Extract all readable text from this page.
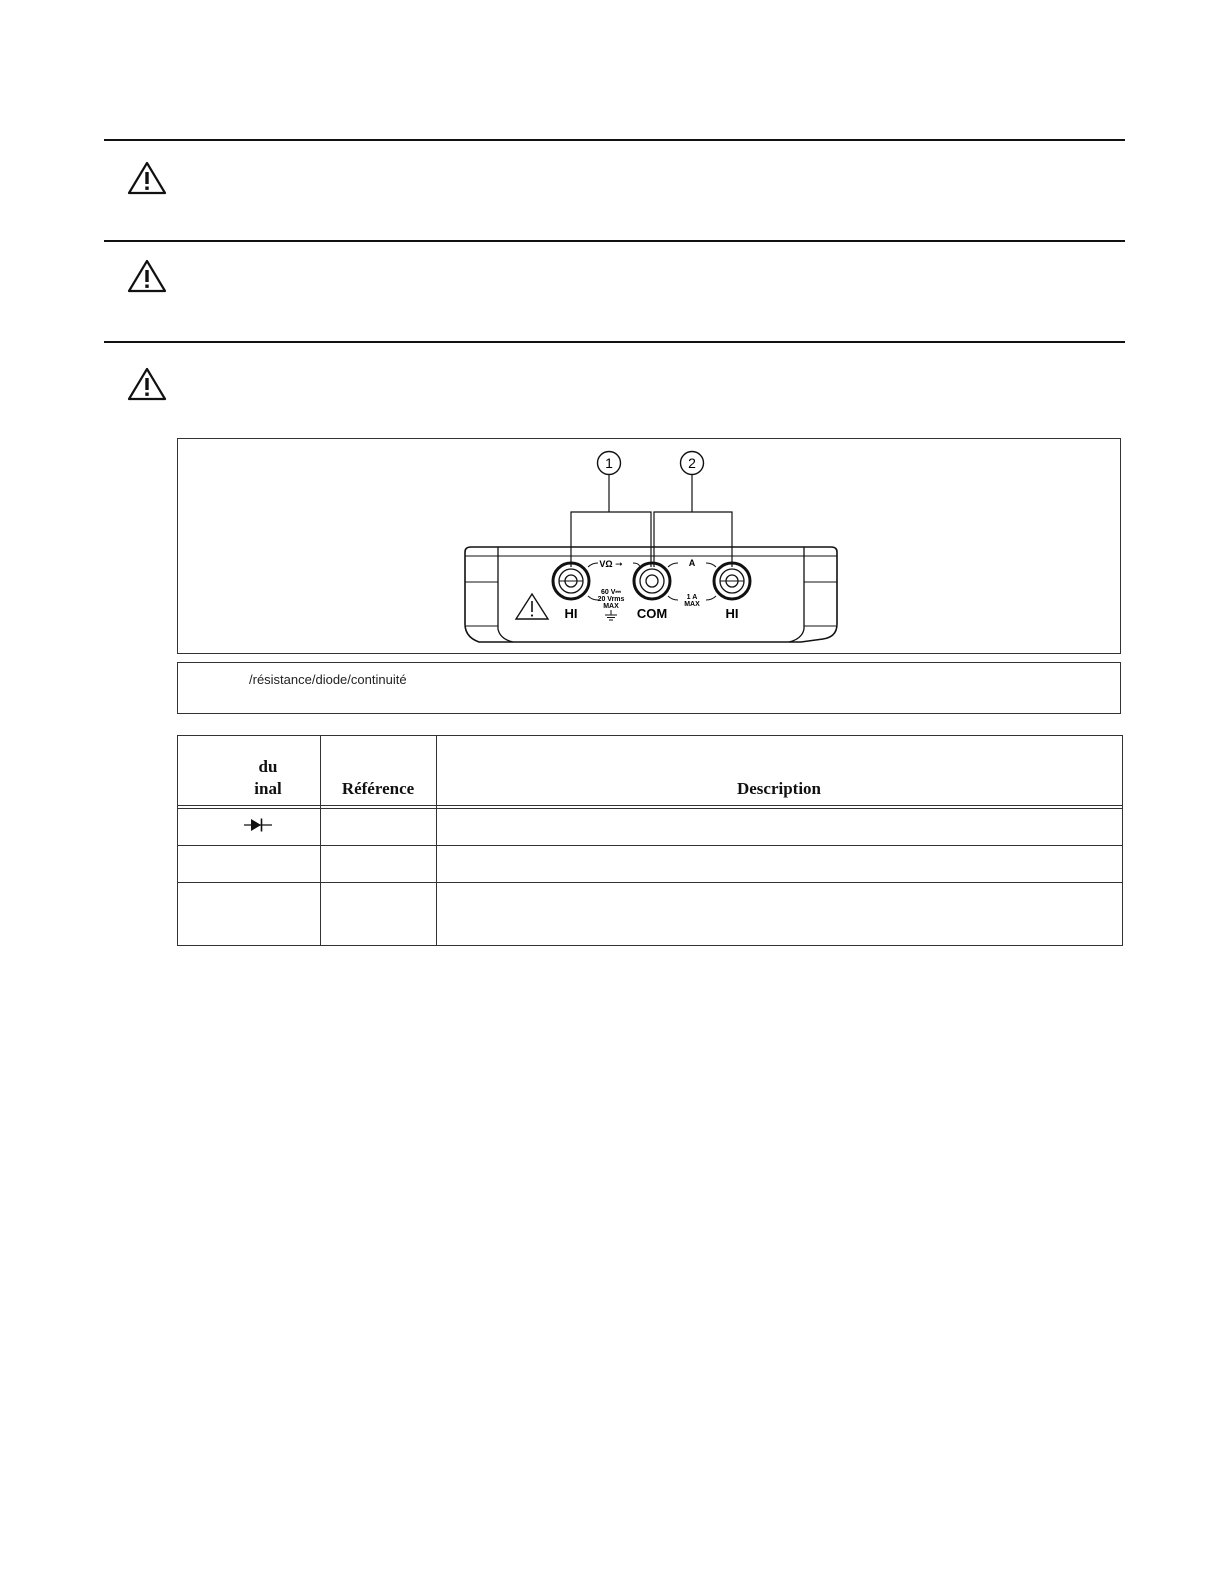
1	2
VΩ ➞	A
60 V⎓
20 Vrms
MAX
1 A
MAX
HI	COM	HI
/résistance/diode/continuité
du
inal	Référence	Description
